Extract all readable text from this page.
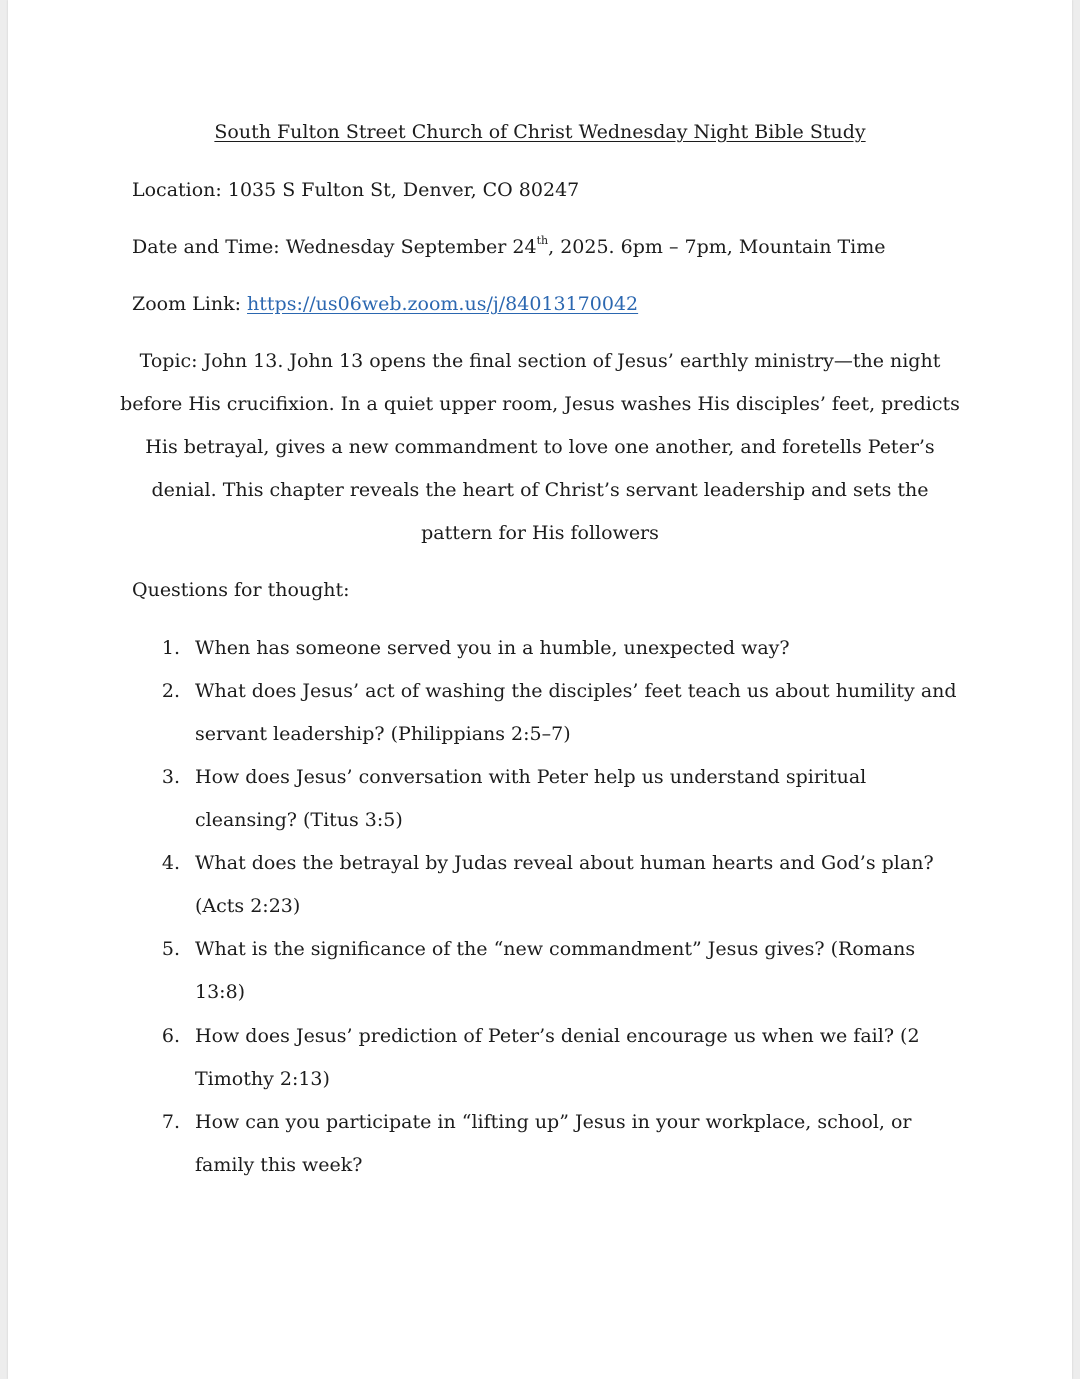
South Fulton Street Church of Christ Wednesday Night Bible Study
Location: 1035 S Fulton St, Denver, CO 80247
Date and Time: Wednesday September 24th, 2025. 6pm – 7pm, Mountain Time
Zoom Link: https://us06web.zoom.us/j/84013170042
Topic: John 13. John 13 opens the final section of Jesus’ earthly ministry—the night
before His crucifixion. In a quiet upper room, Jesus washes His disciples’ feet, predicts
His betrayal, gives a new commandment to love one another, and foretells Peter’s
denial. This chapter reveals the heart of Christ’s servant leadership and sets the
pattern for His followers
Questions for thought:
1. When has someone served you in a humble, unexpected way?
2. What does Jesus’ act of washing the disciples’ feet teach us about humility and
servant leadership? (Philippians 2:5–7)
3. How does Jesus’ conversation with Peter help us understand spiritual
cleansing? (Titus 3:5)
4. What does the betrayal by Judas reveal about human hearts and God’s plan?
(Acts 2:23)
5. What is the significance of the “new commandment” Jesus gives? (Romans
13:8)
6. How does Jesus’ prediction of Peter’s denial encourage us when we fail? (2
Timothy 2:13)
7. How can you participate in “lifting up” Jesus in your workplace, school, or
family this week?
